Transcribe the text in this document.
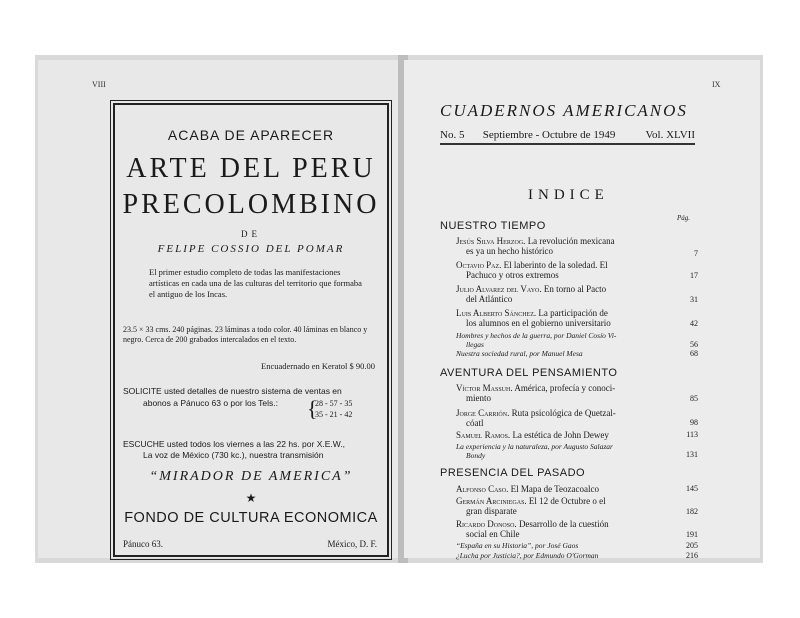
VIII	IX
ACABA DE APARECER
ARTE DEL PERU
PRECOLOMBINO
DE
FELIPE COSSIO DEL POMAR
El primer estudio completo de todas las manifestaciones artísticas en cada una de las culturas del territorio que formaba el antiguo de los Incas.
23.5 × 33 cms. 240 páginas. 23 láminas a todo color. 40 láminas en blanco y negro. Cerca de 200 grabados intercalados en el texto.
Encuadernado en Keratol $ 90.00
SOLICITE usted detalles de nuestro sistema de ventas en
abonos a Pánuco 63 o por los Tels.:	{
28 - 57 - 35
35 - 21 - 42
ESCUCHE usted todos los viernes a las 22 hs. por X.E.W.,
La voz de México (730 kc.), nuestra transmisión
“MIRADOR DE AMERICA”
★
FONDO DE CULTURA ECONOMICA
Pánuco 63.	México, D. F.
CUADERNOS AMERICANOS
No. 5 Septiembre - Octubre de 1949	Vol. XLVII
INDICE
Pág.
NUESTRO TIEMPO
Jesús Silva Herzog. La revolución mexicana
es ya un hecho histórico	7
Octavio Paz. El laberinto de la soledad. El
Pachuco y otros extremos	17
Julio Alvarez del Vayo. En torno al Pacto
del Atlántico	31
Luis Alberto Sánchez. La participación de
los alumnos en el gobierno universitario	42
Hombres y hechos de la guerra, por Daniel Cosío Vi-
llegas	56
Nuestra sociedad rural, por Manuel Mesa	68
AVENTURA DEL PENSAMIENTO
Víctor Massuh. América, profecía y conoci-
miento	85
Jorge Carrión. Ruta psicológica de Quetzal-
cóatl	98
Samuel Ramos. La estética de John Dewey	113
La experiencia y la naturaleza, por Augusto Salazar
Bondy	131
PRESENCIA DEL PASADO
Alfonso Caso. El Mapa de Teozacoalco	145
Germán Arciniegas. El 12 de Octubre o el
gran disparate	182
Ricardo Donoso. Desarrollo de la cuestión
social en Chile	191
“España en su Historia”, por José Gaos	205
¿Lucha por Justicia?, por Edmundo O'Gorman	216
